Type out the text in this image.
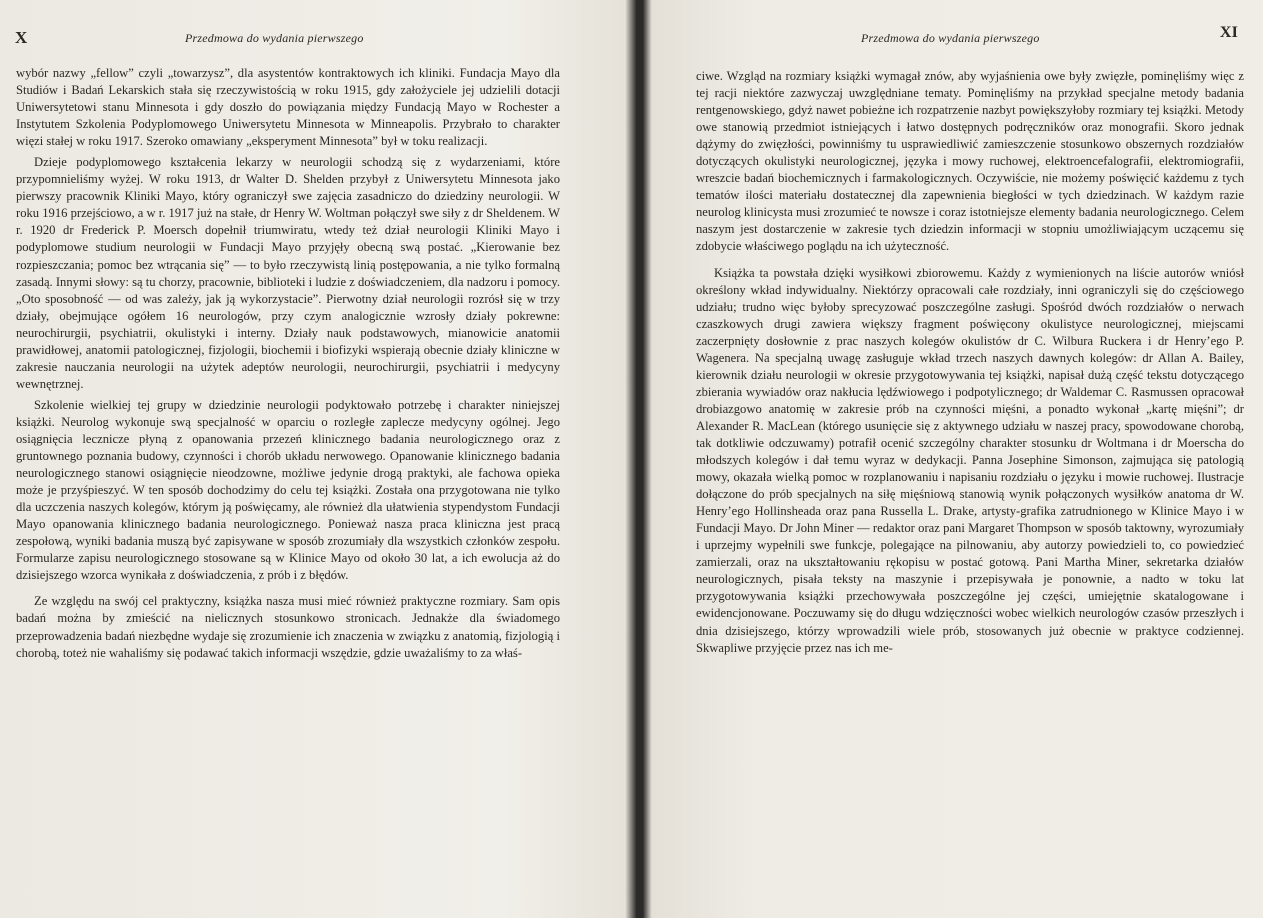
X	Przedmowa do wydania pierwszego

wybór nazwy „fellow” czyli „towarzysz”, dla asystentów kontraktowych ich kliniki. Fundacja Mayo dla Studiów i Badań Lekarskich stała się rzeczywistością w roku 1915, gdy założyciele jej udzielili dotacji Uniwersytetowi stanu Minnesota i gdy doszło do powiązania między Fundacją Mayo w Rochester a Instytutem Szkolenia Podyplomowego Uniwersytetu Minnesota w Minneapolis. Przybrało to charakter więzi stałej w roku 1917. Szeroko omawiany „eksperyment Minnesota” był w toku realizacji.

Dzieje podyplomowego kształcenia lekarzy w neurologii schodzą się z wydarzeniami, które przypomnieliśmy wyżej. W roku 1913, dr Walter D. Shelden przybył z Uniwersytetu Minnesota jako pierwszy pracownik Kliniki Mayo, który ograniczył swe zajęcia zasadniczo do dziedziny neurologii. W roku 1916 przejściowo, a w r. 1917 już na stałe, dr Henry W. Woltman połączył swe siły z dr Sheldenem. W r. 1920 dr Frederick P. Moersch dopełnił triumwiratu, wtedy też dział neurologii Kliniki Mayo i podyplomowe studium neurologii w Fundacji Mayo przyjęły obecną swą postać. „Kierowanie bez rozpieszczania; pomoc bez wtrącania się” — to było rzeczywistą linią postępowania, a nie tylko formalną zasadą. Innymi słowy: są tu chorzy, pracownie, biblioteki i ludzie z doświadczeniem, dla nadzoru i pomocy. „Oto sposobność — od was zależy, jak ją wykorzystacie”. Pierwotny dział neurologii rozrósł się w trzy działy, obejmujące ogółem 16 neurologów, przy czym analogicznie wzrosły działy pokrewne: neurochirurgii, psychiatrii, okulistyki i interny. Działy nauk podstawowych, mianowicie anatomii prawidłowej, anatomii patologicznej, fizjologii, biochemii i biofizyki wspierają obecnie działy kliniczne w zakresie nauczania neurologii na użytek adeptów neurologii, neurochirurgii, psychiatrii i medycyny wewnętrznej.

Szkolenie wielkiej tej grupy w dziedzinie neurologii podyktowało potrzebę i charakter niniejszej książki. Neurolog wykonuje swą specjalność w oparciu o rozległe zaplecze medycyny ogólnej. Jego osiągnięcia lecznicze płyną z opanowania przezeń klinicznego badania neurologicznego oraz z gruntownego poznania budowy, czynności i chorób układu nerwowego. Opanowanie klinicznego badania neurologicznego stanowi osiągnięcie nieodzowne, możliwe jedynie drogą praktyki, ale fachowa opieka może je przyśpieszyć. W ten sposób dochodzimy do celu tej książki. Została ona przygotowana nie tylko dla uczczenia naszych kolegów, którym ją poświęcamy, ale również dla ułatwienia stypendystom Fundacji Mayo opanowania klinicznego badania neurologicznego. Ponieważ nasza praca kliniczna jest pracą zespołową, wyniki badania muszą być zapisywane w sposób zrozumiały dla wszystkich członków zespołu. Formularze zapisu neurologicznego stosowane są w Klinice Mayo od około 30 lat, a ich ewolucja aż do dzisiejszego wzorca wynikała z doświadczenia, z prób i z błędów.

Ze względu na swój cel praktyczny, książka nasza musi mieć również praktyczne rozmiary. Sam opis badań można by zmieścić na nielicznych stosunkowo stronicach. Jednakże dla świadomego przeprowadzenia badań niezbędne wydaje się zrozumienie ich znaczenia w związku z anatomią, fizjologią i chorobą, toteż nie wahaliśmy się podawać takich informacji wszędzie, gdzie uważaliśmy to za właś-

Przedmowa do wydania pierwszego	XI

ciwe. Wzgląd na rozmiary książki wymagał znów, aby wyjaśnienia owe były zwięzłe, pominęliśmy więc z tej racji niektóre zazwyczaj uwzględniane tematy. Pominęliśmy na przykład specjalne metody badania rentgenowskiego, gdyż nawet pobieżne ich rozpatrzenie nazbyt powiększyłoby rozmiary tej książki. Metody owe stanowią przedmiot istniejących i łatwo dostępnych podręczników oraz monografii. Skoro jednak dążymy do zwięzłości, powinniśmy tu usprawiedliwić zamieszczenie stosunkowo obszernych rozdziałów dotyczących okulistyki neurologicznej, języka i mowy ruchowej, elektroencefalografii, elektromiografii, wreszcie badań biochemicznych i farmakologicznych. Oczywiście, nie możemy poświęcić każdemu z tych tematów ilości materiału dostatecznej dla zapewnienia biegłości w tych dziedzinach. W każdym razie neurolog klinicysta musi zrozumieć te nowsze i coraz istotniejsze elementy badania neurologicznego. Celem naszym jest dostarczenie w zakresie tych dziedzin informacji w stopniu umożliwiającym uczącemu się zdobycie właściwego poglądu na ich użyteczność.

Książka ta powstała dzięki wysiłkowi zbiorowemu. Każdy z wymienionych na liście autorów wniósł określony wkład indywidualny. Niektórzy opracowali całe rozdziały, inni ograniczyli się do częściowego udziału; trudno więc byłoby sprecyzować poszczególne zasługi. Spośród dwóch rozdziałów o nerwach czaszkowych drugi zawiera większy fragment poświęcony okulistyce neurologicznej, miejscami zaczerpnięty dosłownie z prac naszych kolegów okulistów dr C. Wilbura Ruckera i dr Henry’ego P. Wagenera. Na specjalną uwagę zasługuje wkład trzech naszych dawnych kolegów: dr Allan A. Bailey, kierownik działu neurologii w okresie przygotowywania tej książki, napisał dużą część tekstu dotyczącego zbierania wywiadów oraz nakłucia lędźwiowego i podpotylicznego; dr Waldemar C. Rasmussen opracował drobiazgowo anatomię w zakresie prób na czynności mięśni, a ponadto wykonał „kartę mięśni”; dr Alexander R. MacLean (którego usunięcie się z aktywnego udziału w naszej pracy, spowodowane chorobą, tak dotkliwie odczuwamy) potrafił ocenić szczególny charakter stosunku dr Woltmana i dr Moerscha do młodszych kolegów i dał temu wyraz w dedykacji. Panna Josephine Simonson, zajmująca się patologią mowy, okazała wielką pomoc w rozplanowaniu i napisaniu rozdziału o języku i mowie ruchowej. Ilustracje dołączone do prób specjalnych na siłę mięśniową stanowią wynik połączonych wysiłków anatoma dr W. Henry’ego Hollinsheada oraz pana Russella L. Drake, artysty-grafika zatrudnionego w Klinice Mayo i w Fundacji Mayo. Dr John Miner — redaktor oraz pani Margaret Thompson w sposób taktowny, wyrozumiały i uprzejmy wypełnili swe funkcje, polegające na pilnowaniu, aby autorzy powiedzieli to, co powiedzieć zamierzali, oraz na ukształtowaniu rękopisu w postać gotową. Pani Martha Miner, sekretarka działów neurologicznych, pisała teksty na maszynie i przepisywała je ponownie, a nadto w toku lat przygotowywania książki przechowywała poszczególne jej części, umiejętnie skatalogowane i ewidencjonowane. Poczuwamy się do długu wdzięczności wobec wielkich neurologów czasów przeszłych i dnia dzisiejszego, którzy wprowadzili wiele prób, stosowanych już obecnie w praktyce codziennej. Skwapliwe przyjęcie przez nas ich me-
